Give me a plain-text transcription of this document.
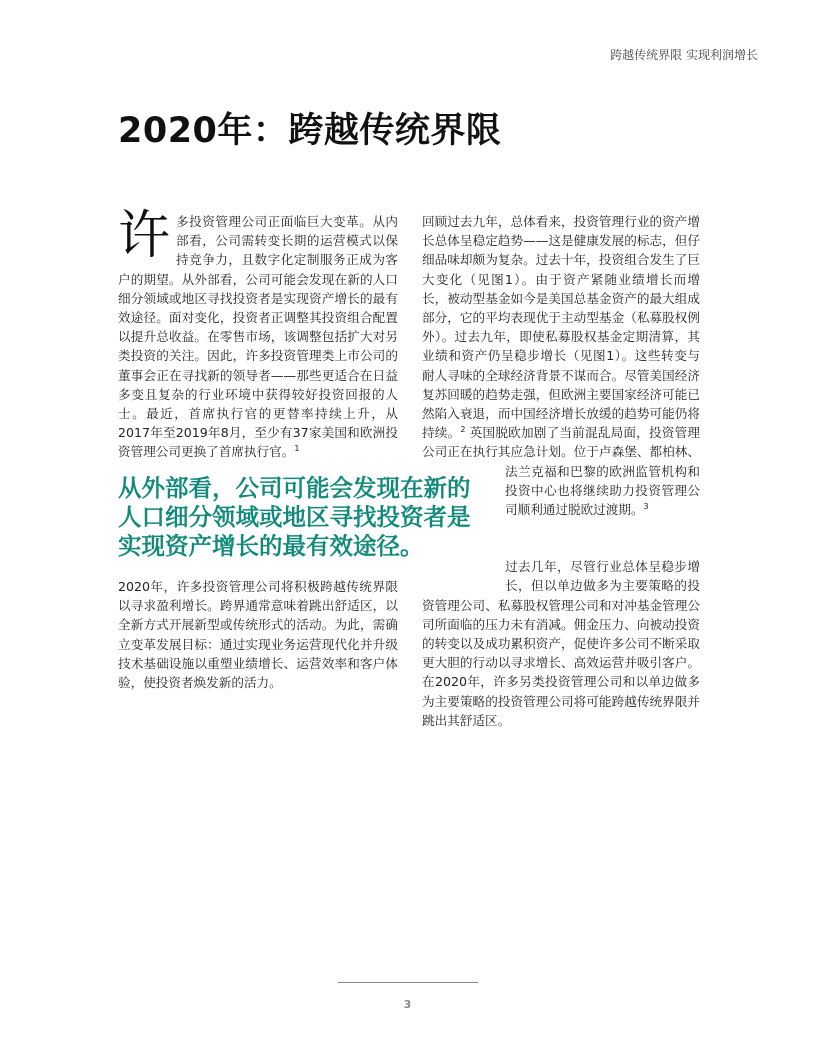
跨越传统界限 实现利润增长
2020年：跨越传统界限
许 多投资管理公司正面临巨大变革。从内部看，公司需转变长期的运营模式以保持竞争力，且数字化定制服务正成为客户的期望。从外部看，公司可能会发现在新的人口细分领域或地区寻找投资者是实现资产增长的最有效途径。面对变化，投资者正调整其投资组合配置以提升总收益。在零售市场，该调整包括扩大对另类投资的关注。因此，许多投资管理类上市公司的董事会正在寻找新的领导者——那些更适合在日益多变且复杂的行业环境中获得较好投资回报的人士。最近，首席执行官的更替率持续上升，从2017年至2019年8月，至少有37家美国和欧洲投资管理公司更换了首席执行官。$^1$

从外部看，公司可能会发现在新的人口细分领域或地区寻找投资者是实现资产增长的最有效途径。

2020年，许多投资管理公司将积极跨越传统界限以寻求盈利增长。跨界通常意味着跳出舒适区，以全新方式开展新型或传统形式的活动。为此，需确立变革发展目标：通过实现业务运营现代化并升级技术基础设施以重塑业绩增长、运营效率和客户体验，使投资者焕发新的活力。

回顾过去九年，总体看来，投资管理行业的资产增长总体呈稳定趋势——这是健康发展的标志，但仔细品味却颇为复杂。过去十年，投资组合发生了巨大变化（见图1）。由于资产紧随业绩增长而增长，被动型基金如今是美国总基金资产的最大组成部分，它的平均表现优于主动型基金（私募股权例外）。过去九年，即使私募股权基金定期清算，其业绩和资产仍呈稳步增长（见图1）。这些转变与耐人寻味的全球经济背景不谋而合。尽管美国经济复苏回暖的趋势走强，但欧洲主要国家经济可能已然陷入衰退，而中国经济增长放缓的趋势可能仍将持续。$^2$ 英国脱欧加剧了当前混乱局面，投资管理公司正在执行其应急计划。位于卢森堡、都柏林、法兰克福和巴黎的欧洲监管机构和投资中心也将继续助力投资管理公司顺利通过脱欧过渡期。$^3$

过去几年，尽管行业总体呈稳步增长，但以单边做多为主要策略的投资管理公司、私募股权管理公司和对冲基金管理公司所面临的压力未有消减。佣金压力、向被动投资的转变以及成功累积资产，促使许多公司不断采取更大胆的行动以寻求增长、高效运营并吸引客户。在2020年，许多另类投资管理公司和以单边做多为主要策略的投资管理公司将可能跨越传统界限并跳出其舒适区。

3
